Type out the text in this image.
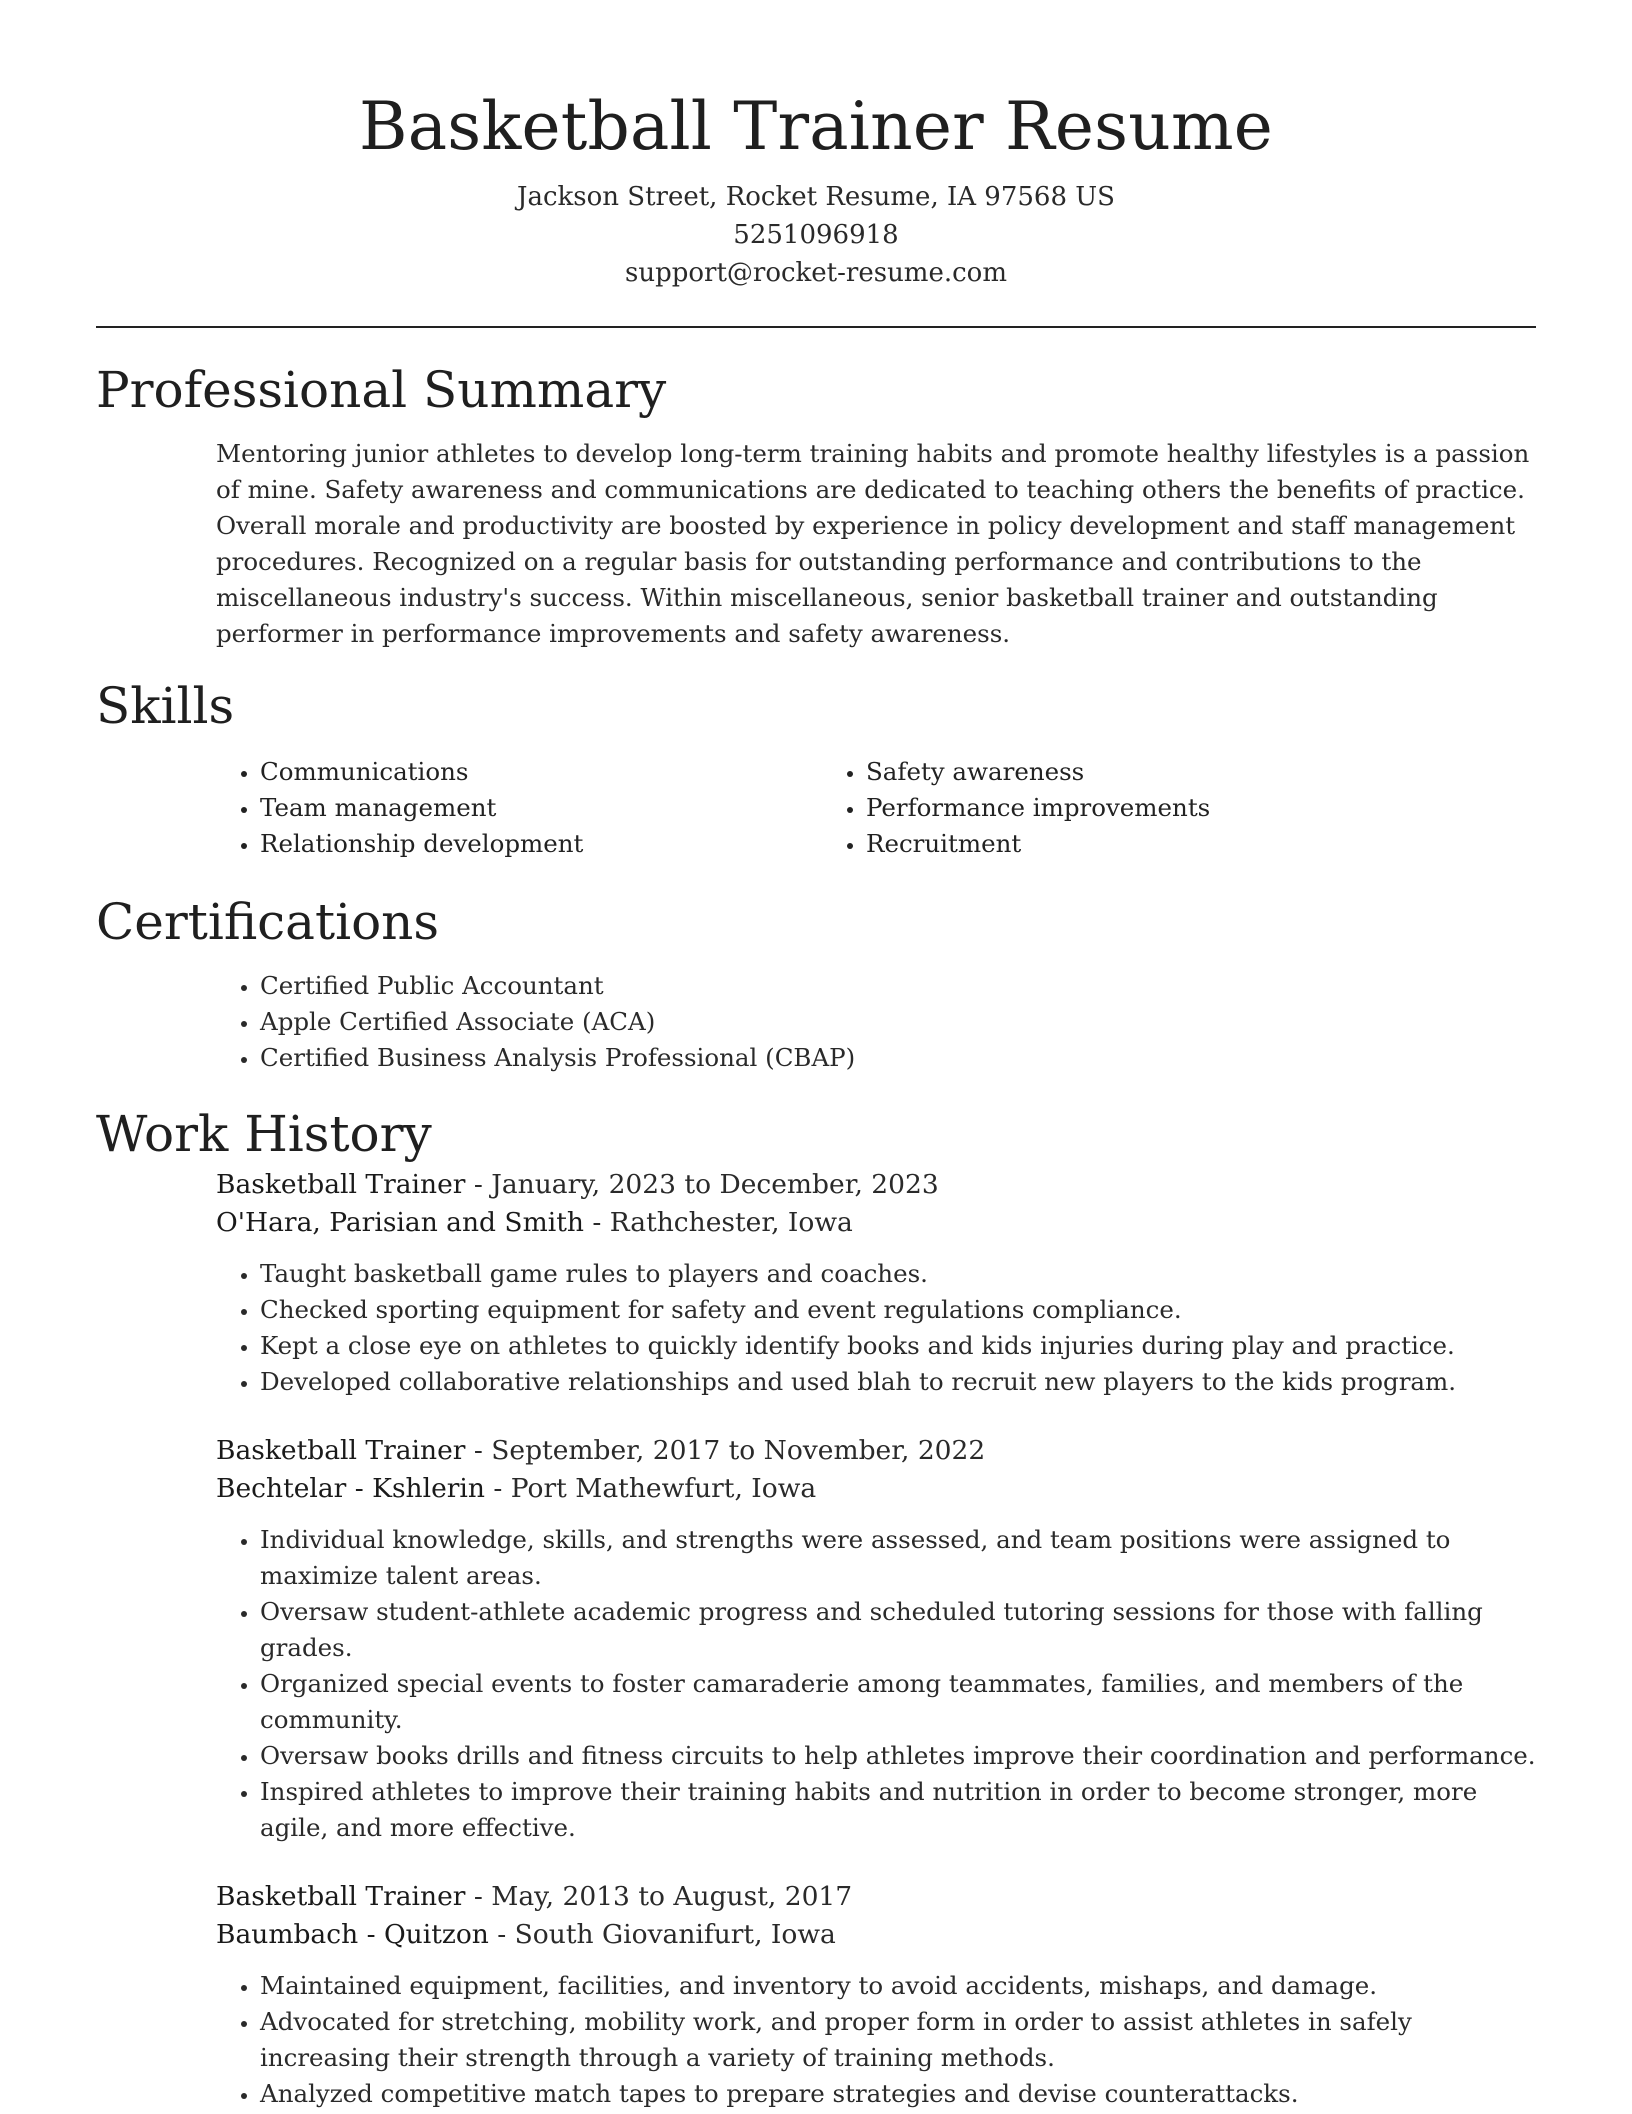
Basketball Trainer Resume
Jackson Street, Rocket Resume, IA 97568 US
5251096918
support@rocket-resume.com
Professional Summary

Mentoring junior athletes to develop long-term training habits and promote healthy lifestyles is a passion of mine. Safety awareness and communications are dedicated to teaching others the benefits of practice. Overall morale and productivity are boosted by experience in policy development and staff management procedures. Recognized on a regular basis for outstanding performance and contributions to the miscellaneous industry's success. Within miscellaneous, senior basketball trainer and outstanding performer in performance improvements and safety awareness.

Skills
• Communications
• Team management
• Relationship development
• Safety awareness
• Performance improvements
• Recruitment
Certifications
• Certified Public Accountant
• Apple Certified Associate (ACA)
• Certified Business Analysis Professional (CBAP)
Work History
Basketball Trainer - January, 2023 to December, 2023
O'Hara, Parisian and Smith - Rathchester, Iowa
• Taught basketball game rules to players and coaches.
• Checked sporting equipment for safety and event regulations compliance.
• Kept a close eye on athletes to quickly identify books and kids injuries during play and practice.
• Developed collaborative relationships and used blah to recruit new players to the kids program.
Basketball Trainer - September, 2017 to November, 2022
Bechtelar - Kshlerin - Port Mathewfurt, Iowa
• Individual knowledge, skills, and strengths were assessed, and team positions were assigned to maximize talent areas.
• Oversaw student-athlete academic progress and scheduled tutoring sessions for those with falling grades.
• Organized special events to foster camaraderie among teammates, families, and members of the community.
• Oversaw books drills and fitness circuits to help athletes improve their coordination and performance.
• Inspired athletes to improve their training habits and nutrition in order to become stronger, more agile, and more effective.
Basketball Trainer - May, 2013 to August, 2017
Baumbach - Quitzon - South Giovanifurt, Iowa
• Maintained equipment, facilities, and inventory to avoid accidents, mishaps, and damage.
• Advocated for stretching, mobility work, and proper form in order to assist athletes in safely increasing their strength through a variety of training methods.
• Analyzed competitive match tapes to prepare strategies and devise counterattacks.
